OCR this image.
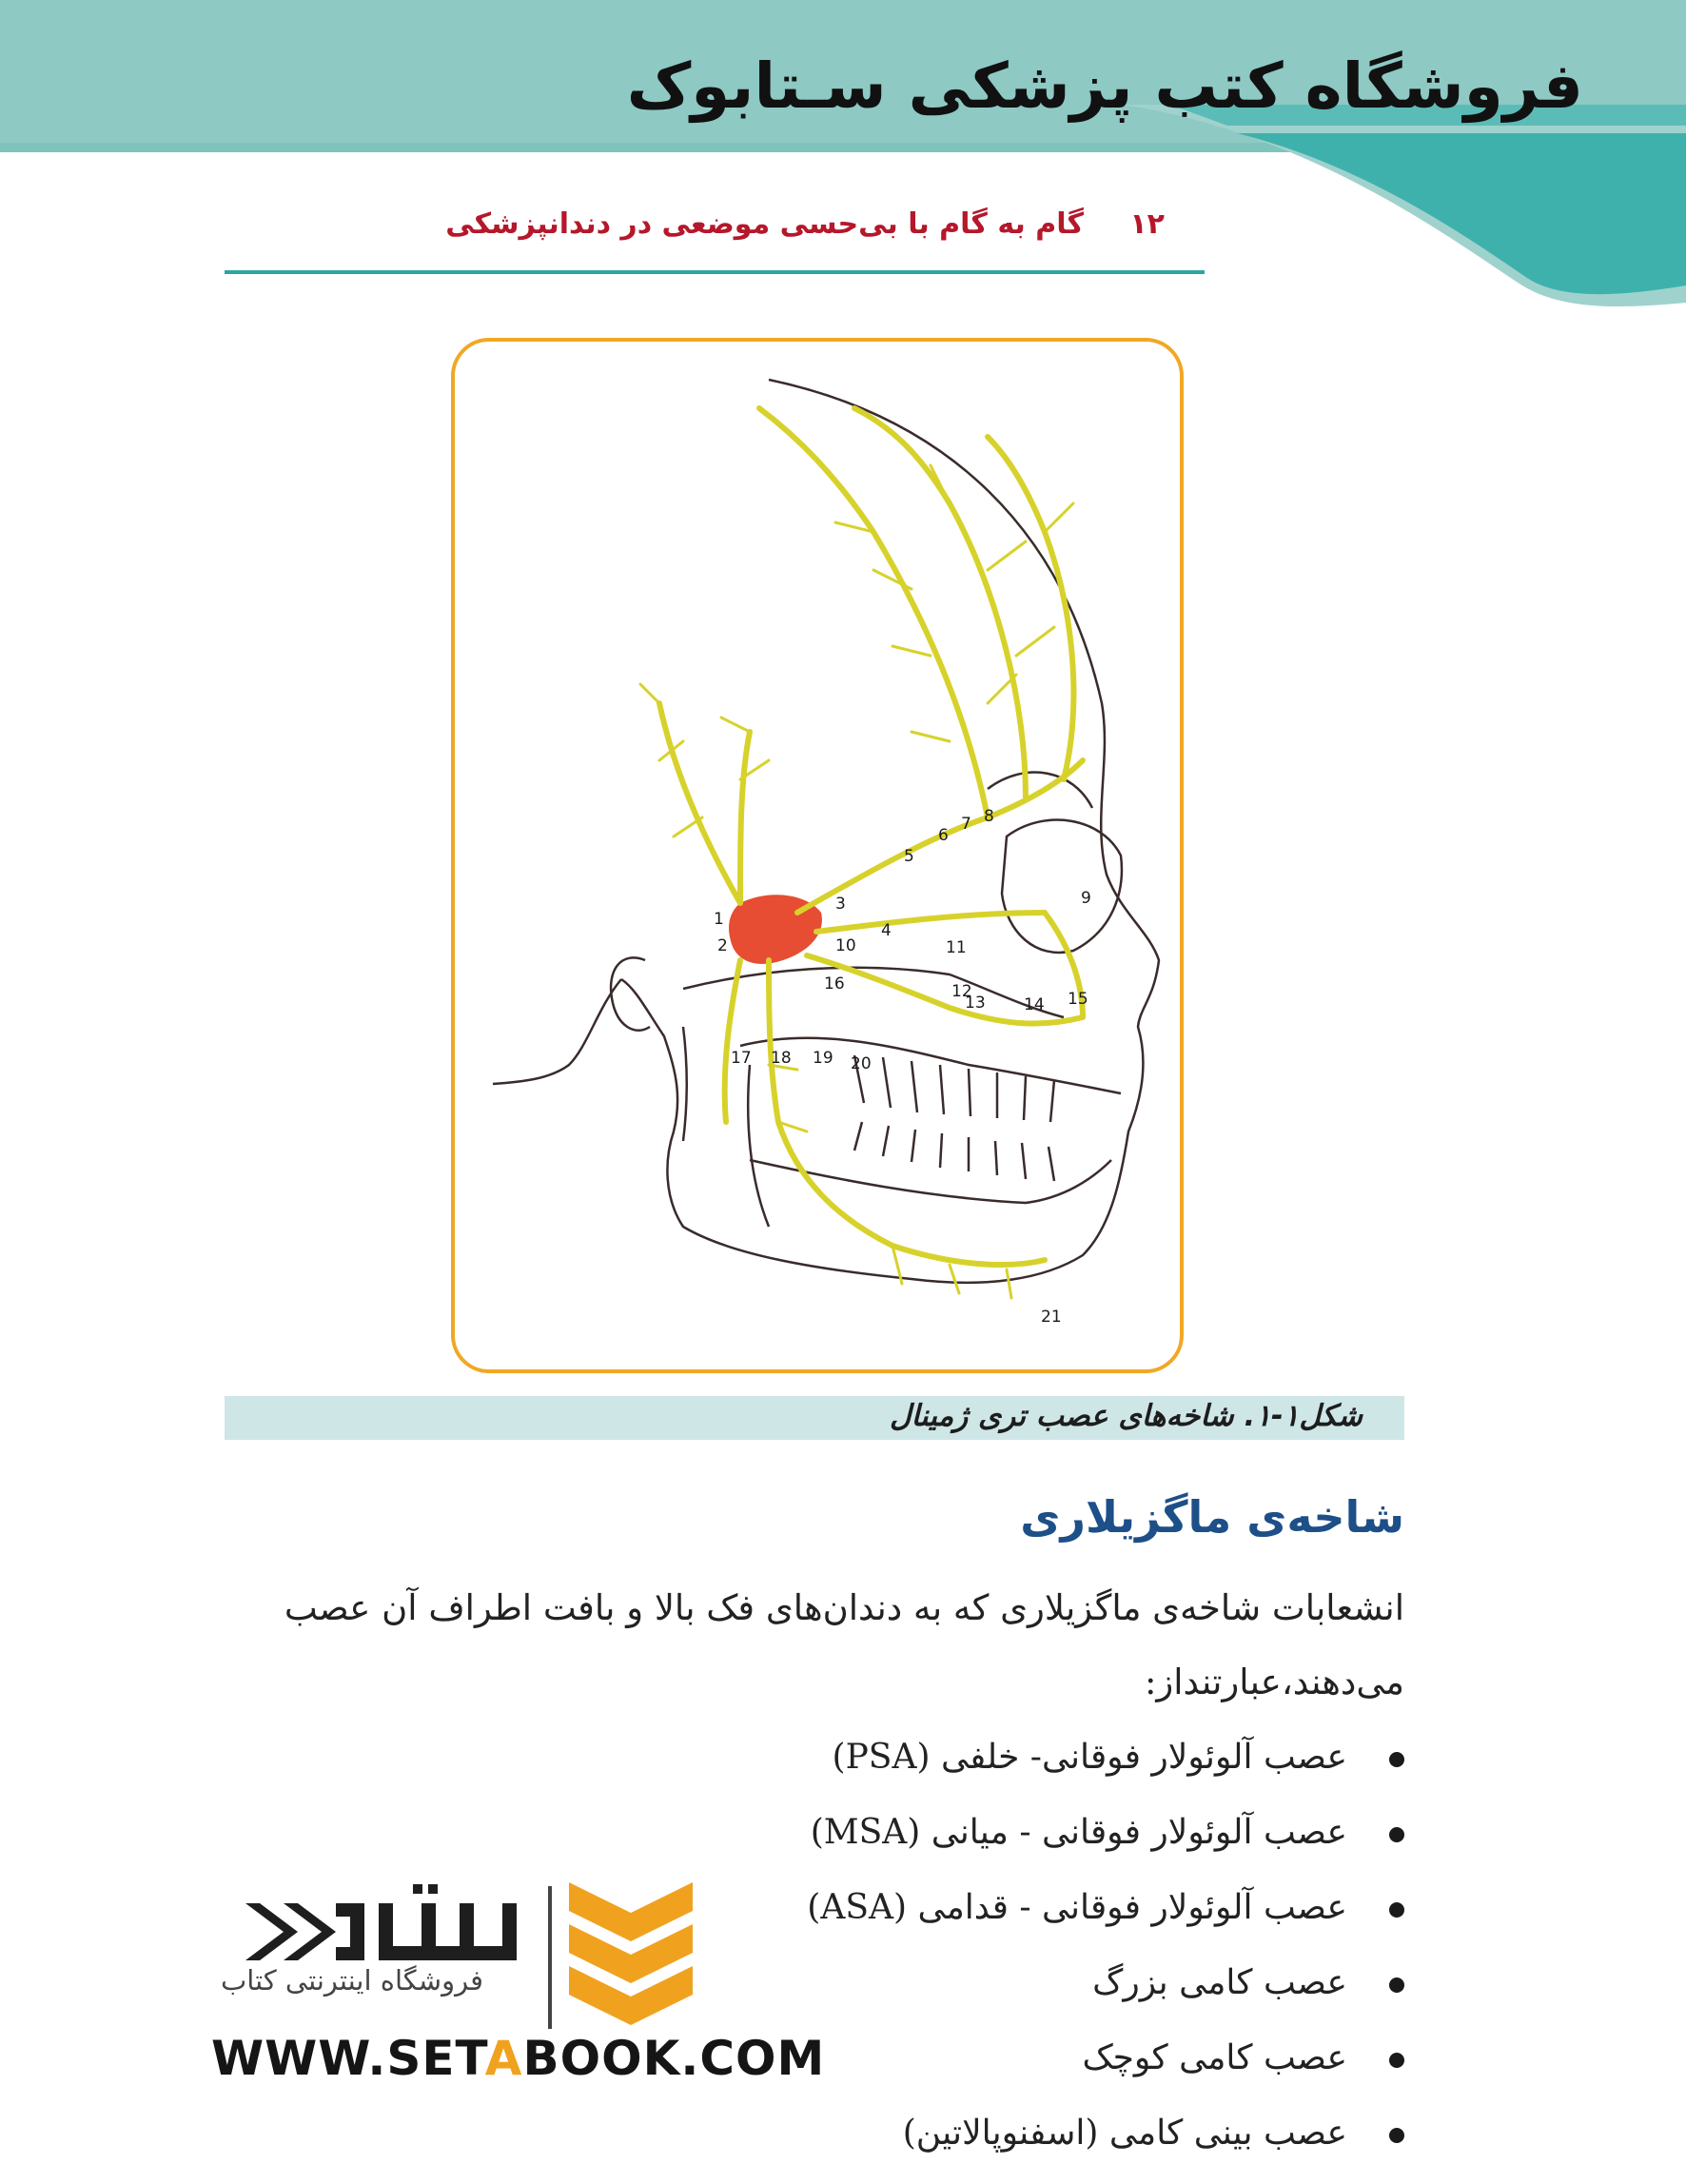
فروشگاه کتب پزشکی سـتابوک
۱۲ گام به گام با بی‌حسی موضعی در دندانپزشکی
1
2
3
4
5
6
7 8
9
10	11
12
13 14 15
16
17 18 19 20
21
شکل۱-۱. شاخه‌های عصب تری ژمینال
شاخه‌ی ماگزیلاری
انشعابات شاخه‌ی ماگزیلاری که به دندان‌های فک بالا و بافت اطراف آن عصب
می‌دهند،عبارتنداز:
عصب آلوئولار فوقانی- خلفی (PSA)
عصب آلوئولار فوقانی - میانی (MSA)
عصب آلوئولار فوقانی - قدامی (ASA)
عصب کامی بزرگ
عصب کامی کوچک
عصب بینی کامی (اسفنوپالاتین)
فروشگاه اینترنتی کتاب
WWW.SETABOOK.COM
